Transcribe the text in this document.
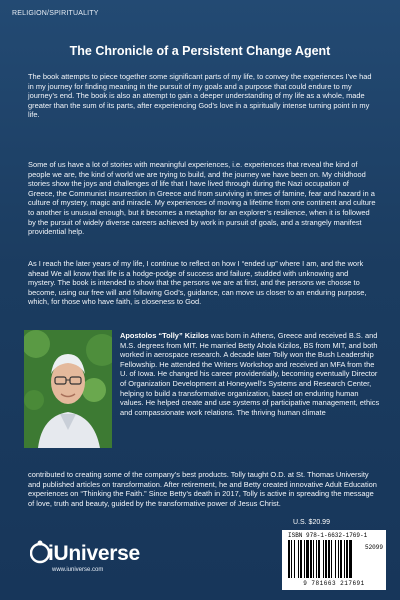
RELIGION/SPIRITUALITY
The Chronicle of a Persistent Change Agent
The book attempts to piece together some significant parts of my life, to convey the experiences I’ve had in my journey for finding meaning in the pursuit of my goals and a purpose that could endure to my journey’s end. The book is also an attempt to gain a deeper understanding of my life as a whole, made greater than the sum of its parts, after experiencing God’s love in a spiritually intense turning point in my life.
Some of us have a lot of stories with meaningful experiences, i.e. experiences that reveal the kind of people we are, the kind of world we are trying to build, and the journey we have been on. My childhood stories show the joys and challenges of life that I have lived through during the Nazi occupation of Greece, the Communist insurrection in Greece and from surviving in times of famine, fear and hazard in a culture of mystery, magic and miracle. My experiences of moving a lifetime from one continent and culture to another is unusual enough, but it becomes a metaphor for an explorer’s resilience, when it is followed by the pursuit of widely diverse careers achieved by work in pursuit of goals, and a strangely manifest providential help.
As I reach the later years of my life, I continue to reflect on how I “ended up” where I am, and the work ahead We all know that life is a hodge-podge of success and failure, studded with unknowing and mystery. The book is intended to show that the persons we are at first, and the persons we choose to become, using our free will and following God’s, guidance, can move us closer to an enduring purpose, which, for those who have faith, is closeness to God.
Apostolos “Tolly” Kizilos was born in Athens, Greece and received B.S. and M.S. degrees from MIT. He married Betty Ahola Kizilos, BS from MIT, and both worked in aerospace research. A decade later Tolly won the Bush Leadership Fellowship. He attended the Writers Workshop and received an MFA from the U. of Iowa. He changed his career providentially, becoming eventually Director of Organization Development at Honeywell’s Systems and Research Center, helping to build a transformative organization, based on enduring human values. He helped create and use systems of participative management, ethics and compassionate work relations. The thriving human climate
contributed to creating some of the company’s best products. Tolly taught O.D. at St. Thomas University and published articles on transformation. After retirement, he and Betty created innovative Adult Education experiences on “Thinking the Faith.” Since Betty’s death in 2017, Tolly is active in spreading the message of love, truth and beauty, guided by the transformative power of Jesus Christ.
U.S. $20.99
ISBN 978-1-6632-1769-1
9 781663 217691
52099
iUniverse
www.iuniverse.com
